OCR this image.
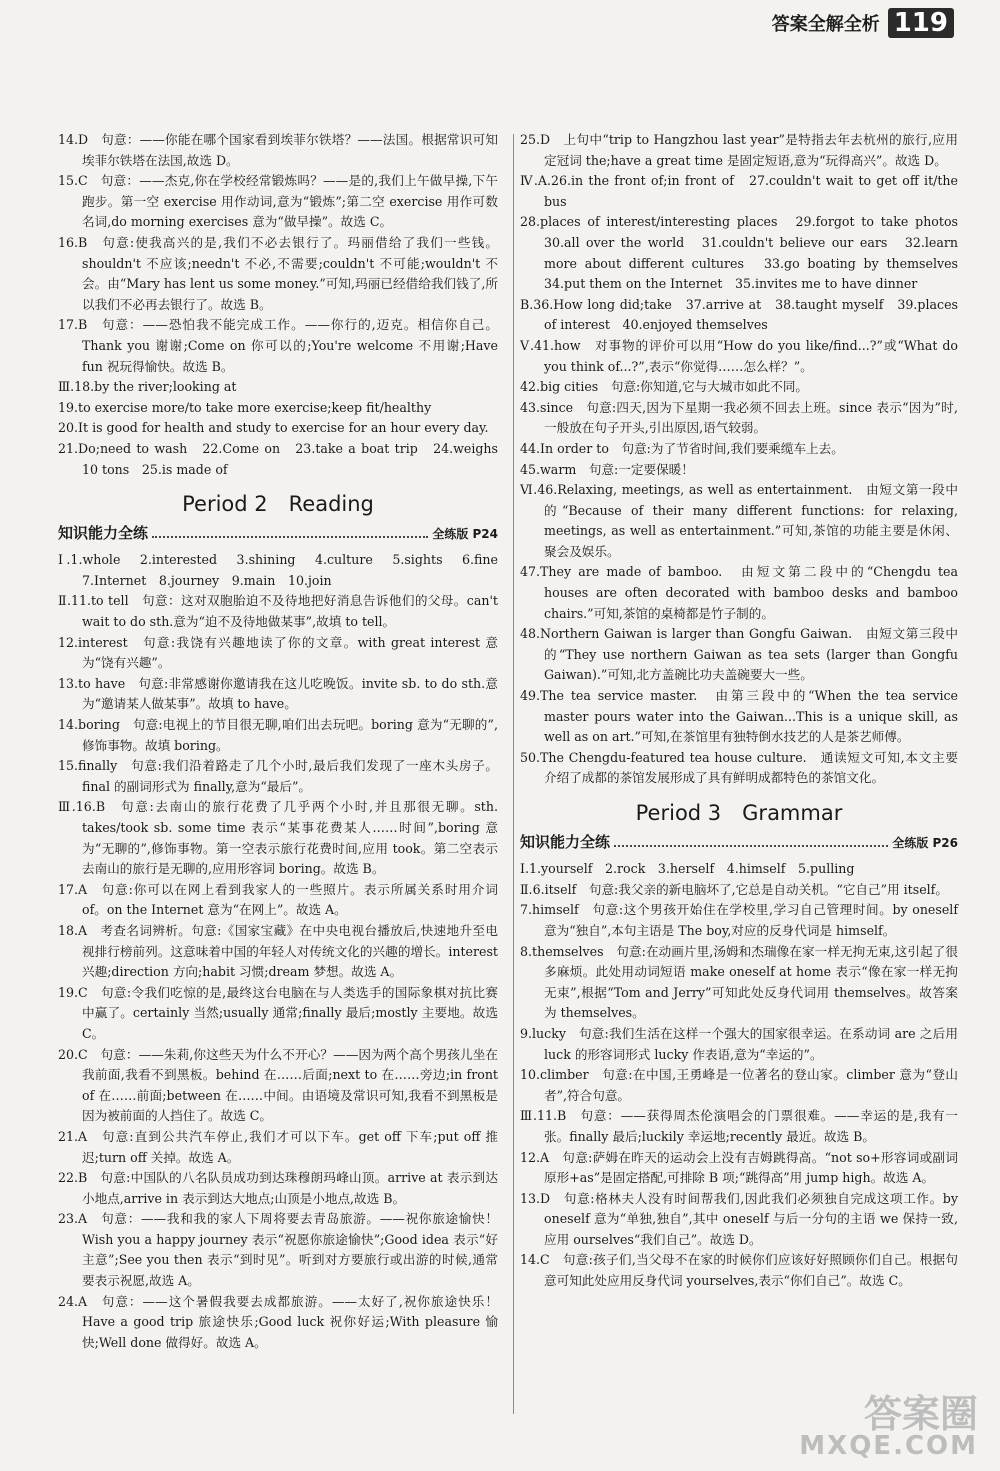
答案全解全析 119

14.D　句意：——你能在哪个国家看到埃菲尔铁塔？——法国。根据常识可知埃菲尔铁塔在法国,故选 D。

15.C　句意：——杰克,你在学校经常锻炼吗？——是的,我们上午做早操,下午跑步。第一空 exercise 用作动词,意为“锻炼”;第二空 exercise 用作可数名词,do morning exercises 意为“做早操”。故选 C。

16.B　句意:使我高兴的是,我们不必去银行了。玛丽借给了我们一些钱。shouldn't 不应该;needn't 不必,不需要;couldn't 不可能;wouldn't 不会。由“Mary has lent us some money.”可知,玛丽已经借给我们钱了,所以我们不必再去银行了。故选 B。

17.B　句意：——恐怕我不能完成工作。——你行的,迈克。相信你自己。Thank you 谢谢;Come on 你可以的;You're welcome 不用谢;Have fun 祝玩得愉快。故选 B。

Ⅲ.18.by the river;looking at

19.to exercise more/to take more exercise;keep fit/healthy

20.It is good for health and study to exercise for an hour every day.

21.Do;need to wash　22.Come on　23.take a boat trip　24.weighs 10 tons　25.is made of

Period 2　Reading
知识能力全练	全练版 P24

Ⅰ.1.whole　2.interested　3.shining　4.culture　5.sights　6.fine　7.Internet　8.journey　9.main　10.join

Ⅱ.11.to tell　句意：这对双胞胎迫不及待地把好消息告诉他们的父母。can't wait to do sth.意为“迫不及待地做某事”,故填 to tell。

12.interest　句意:我饶有兴趣地读了你的文章。with great interest 意为“饶有兴趣”。

13.to have　句意:非常感谢你邀请我在这儿吃晚饭。invite sb. to do sth.意为“邀请某人做某事”。故填 to have。

14.boring　句意:电视上的节目很无聊,咱们出去玩吧。boring 意为“无聊的”,修饰事物。故填 boring。

15.finally　句意:我们沿着路走了几个小时,最后我们发现了一座木头房子。final 的副词形式为 finally,意为“最后”。

Ⅲ.16.B　句意:去南山的旅行花费了几乎两个小时,并且那很无聊。sth. takes/took sb. some time 表示“某事花费某人……时间”,boring 意为“无聊的”,修饰事物。第一空表示旅行花费时间,应用 took。第二空表示去南山的旅行是无聊的,应用形容词 boring。故选 B。

17.A　句意:你可以在网上看到我家人的一些照片。表示所属关系时用介词 of。on the Internet 意为“在网上”。故选 A。

18.A　考查名词辨析。句意:《国家宝藏》在中央电视台播放后,快速地升至电视排行榜前列。这意味着中国的年轻人对传统文化的兴趣的增长。interest 兴趣;direction 方向;habit 习惯;dream 梦想。故选 A。

19.C　句意:令我们吃惊的是,最终这台电脑在与人类选手的国际象棋对抗比赛中赢了。certainly 当然;usually 通常;finally 最后;mostly 主要地。故选 C。

20.C　句意：——朱莉,你这些天为什么不开心？——因为两个高个男孩儿坐在我前面,我看不到黑板。behind 在……后面;next to 在……旁边;in front of 在……前面;between 在……中间。由语境及常识可知,我看不到黑板是因为被前面的人挡住了。故选 C。

21.A　句意:直到公共汽车停止,我们才可以下车。get off 下车;put off 推迟;turn off 关掉。故选 A。

22.B　句意:中国队的八名队员成功到达珠穆朗玛峰山顶。arrive at 表示到达小地点,arrive in 表示到达大地点;山顶是小地点,故选 B。

23.A　句意：——我和我的家人下周将要去青岛旅游。——祝你旅途愉快！Wish you a happy journey 表示“祝愿你旅途愉快”;Good idea 表示“好主意”;See you then 表示“到时见”。听到对方要旅行或出游的时候,通常要表示祝愿,故选 A。

24.A　句意：——这个暑假我要去成都旅游。——太好了,祝你旅途快乐！Have a good trip 旅途快乐;Good luck 祝你好运;With pleasure 愉快;Well done 做得好。故选 A。

25.D　上句中“trip to Hangzhou last year”是特指去年去杭州的旅行,应用定冠词 the;have a great time 是固定短语,意为“玩得高兴”。故选 D。

Ⅳ.A.26.in the front of;in front of　27.couldn't wait to get off it/the bus

28.places of interest/interesting places　29.forgot to take photos　30.all over the world　31.couldn't believe our ears　32.learn more about different cultures　33.go boating by themselves　34.put them on the Internet　35.invites me to have dinner

B.36.How long did;take　37.arrive at　38.taught myself　39.places of interest　40.enjoyed themselves

Ⅴ.41.how　对事物的评价可以用“How do you like/find...?”或“What do you think of...?”,表示“你觉得……怎么样？”。

42.big cities　句意:你知道,它与大城市如此不同。

43.since　句意:四天,因为下星期一我必须不回去上班。since 表示“因为”时,一般放在句子开头,引出原因,语气较弱。

44.In order to　句意:为了节省时间,我们要乘缆车上去。

45.warm　句意:一定要保暖！

Ⅵ.46.Relaxing, meetings, as well as entertainment.　由短文第一段中的“Because of their many different functions: for relaxing, meetings, as well as entertainment.”可知,茶馆的功能主要是休闲、聚会及娱乐。

47.They are made of bamboo.　由短文第二段中的“Chengdu tea houses are often decorated with bamboo desks and bamboo chairs.”可知,茶馆的桌椅都是竹子制的。

48.Northern Gaiwan is larger than Gongfu Gaiwan.　由短文第三段中的“They use northern Gaiwan as tea sets (larger than Gongfu Gaiwan).”可知,北方盖碗比功夫盖碗要大一些。

49.The tea service master.　由第三段中的“When the tea service master pours water into the Gaiwan...This is a unique skill, as well as on art.”可知,在茶馆里有独特倒水技艺的人是茶艺师傅。

50.The Chengdu-featured tea house culture.　通读短文可知,本文主要介绍了成都的茶馆发展形成了具有鲜明成都特色的茶馆文化。

Period 3　Grammar
知识能力全练	全练版 P26

Ⅰ.1.yourself　2.rock　3.herself　4.himself　5.pulling

Ⅱ.6.itself　句意:我父亲的新电脑坏了,它总是自动关机。“它自己”用 itself。

7.himself　句意:这个男孩开始住在学校里,学习自己管理时间。by oneself 意为“独自”,本句主语是 The boy,对应的反身代词是 himself。

8.themselves　句意:在动画片里,汤姆和杰瑞像在家一样无拘无束,这引起了很多麻烦。此处用动词短语 make oneself at home 表示“像在家一样无拘无束”,根据“Tom and Jerry”可知此处反身代词用 themselves。故答案为 themselves。

9.lucky　句意:我们生活在这样一个强大的国家很幸运。在系动词 are 之后用 luck 的形容词形式 lucky 作表语,意为“幸运的”。

10.climber　句意:在中国,王勇峰是一位著名的登山家。climber 意为“登山者”,符合句意。

Ⅲ.11.B　句意：——获得周杰伦演唱会的门票很难。——幸运的是,我有一张。finally 最后;luckily 幸运地;recently 最近。故选 B。

12.A　句意:萨姆在昨天的运动会上没有吉姆跳得高。“not so+形容词或副词原形+as”是固定搭配,可排除 B 项;“跳得高”用 jump high。故选 A。

13.D　句意:格林夫人没有时间帮我们,因此我们必须独自完成这项工作。by oneself 意为“单独,独自”,其中 oneself 与后一分句的主语 we 保持一致,应用 ourselves“我们自己”。故选 D。

14.C　句意:孩子们,当父母不在家的时候你们应该好好照顾你们自己。根据句意可知此处应用反身代词 yourselves,表示“你们自己”。故选 C。

答案圈
MXQE.COM
